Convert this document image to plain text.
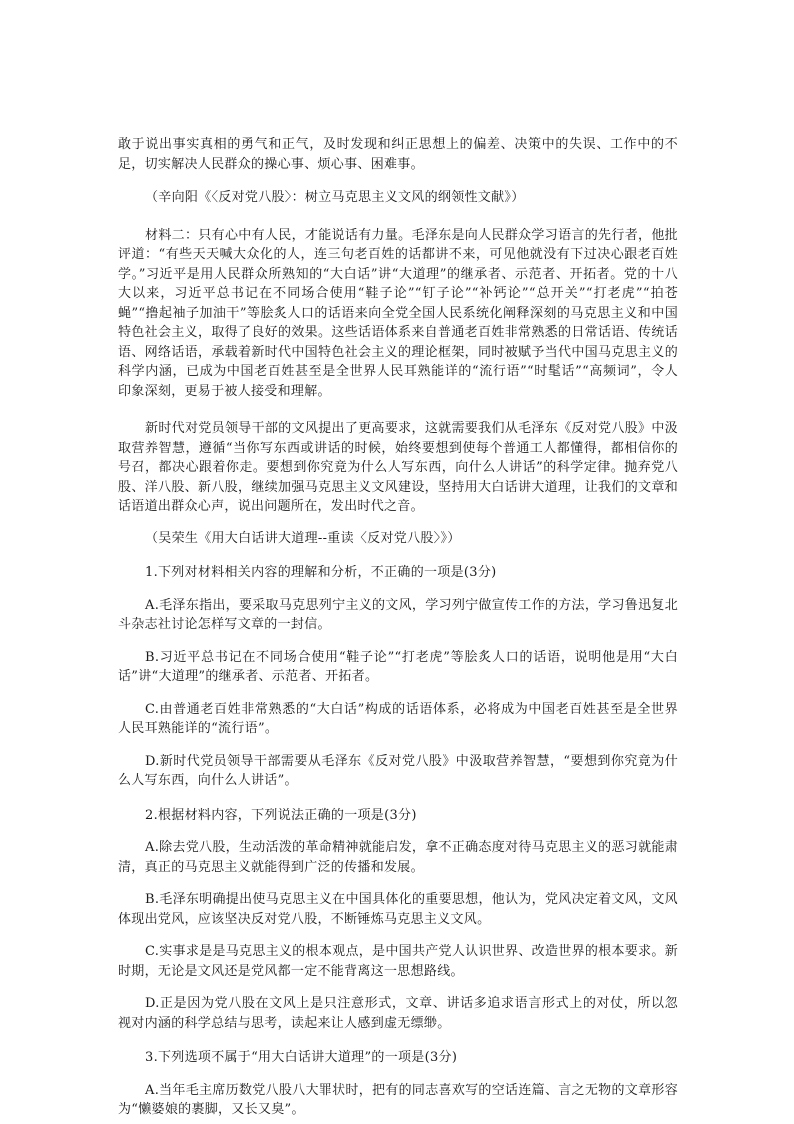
敢于说出事实真相的勇气和正气，及时发现和纠正思想上的偏差、决策中的失误、工作中的不足，切实解决人民群众的操心事、烦心事、困难事。

（辛向阳《〈反对党八股〉：树立马克思主义文风的纲领性文献》）

材料二：只有心中有人民，才能说话有力量。毛泽东是向人民群众学习语言的先行者，他批评道：“有些天天喊大众化的人，连三句老百姓的话都讲不来，可见他就没有下过决心跟老百姓学。”习近平是用人民群众所熟知的“大白话”讲“大道理”的继承者、示范者、开拓者。党的十八大以来，习近平总书记在不同场合使用“鞋子论”“钉子论”“补钙论”“总开关”“打老虎”“拍苍蝇”“撸起袖子加油干”等脍炙人口的话语来向全党全国人民系统化阐释深刻的马克思主义和中国特色社会主义，取得了良好的效果。这些话语体系来自普通老百姓非常熟悉的日常话语、传统话语、网络话语，承载着新时代中国特色社会主义的理论框架，同时被赋予当代中国马克思主义的科学内涵，已成为中国老百姓甚至是全世界人民耳熟能详的“流行语”“时髦话”“高频词”，令人印象深刻，更易于被人接受和理解。

新时代对党员领导干部的文风提出了更高要求，这就需要我们从毛泽东《反对党八股》中汲取营养智慧，遵循“当你写东西或讲话的时候，始终要想到使每个普通工人都懂得，都相信你的号召，都决心跟着你走。要想到你究竟为什么人写东西，向什么人讲话”的科学定律。抛弃党八股、洋八股、新八股，继续加强马克思主义文风建设，坚持用大白话讲大道理，让我们的文章和话语道出群众心声，说出问题所在，发出时代之音。

（吴荣生《用大白话讲大道理--重读〈反对党八股〉》）

1.下列对材料相关内容的理解和分析，不正确的一项是(3分)

A.毛泽东指出，要采取马克思列宁主义的文风，学习列宁做宣传工作的方法，学习鲁迅复北斗杂志社讨论怎样写文章的一封信。

B.习近平总书记在不同场合使用“鞋子论”“打老虎”等脍炙人口的话语，说明他是用“大白话”讲“大道理”的继承者、示范者、开拓者。

C.由普通老百姓非常熟悉的“大白话”构成的话语体系，必将成为中国老百姓甚至是全世界人民耳熟能详的“流行语”。

D.新时代党员领导干部需要从毛泽东《反对党八股》中汲取营养智慧，“要想到你究竟为什么人写东西，向什么人讲话”。

2.根据材料内容，下列说法正确的一项是(3分)

A.除去党八股，生动活泼的革命精神就能启发，拿不正确态度对待马克思主义的恶习就能肃清，真正的马克思主义就能得到广泛的传播和发展。

B.毛泽东明确提出使马克思主义在中国具体化的重要思想，他认为，党风决定着文风，文风体现出党风，应该坚决反对党八股，不断锤炼马克思主义文风。

C.实事求是是马克思主义的根本观点，是中国共产党人认识世界、改造世界的根本要求。新时期，无论是文风还是党风都一定不能背离这一思想路线。

D.正是因为党八股在文风上是只注意形式，文章、讲话多追求语言形式上的对仗，所以忽视对内涵的科学总结与思考，读起来让人感到虚无缥缈。

3.下列选项不属于“用大白话讲大道理”的一项是(3分)

A.当年毛主席历数党八股八大罪状时，把有的同志喜欢写的空话连篇、言之无物的文章形容为“懒婆娘的裹脚，又长又臭”。
